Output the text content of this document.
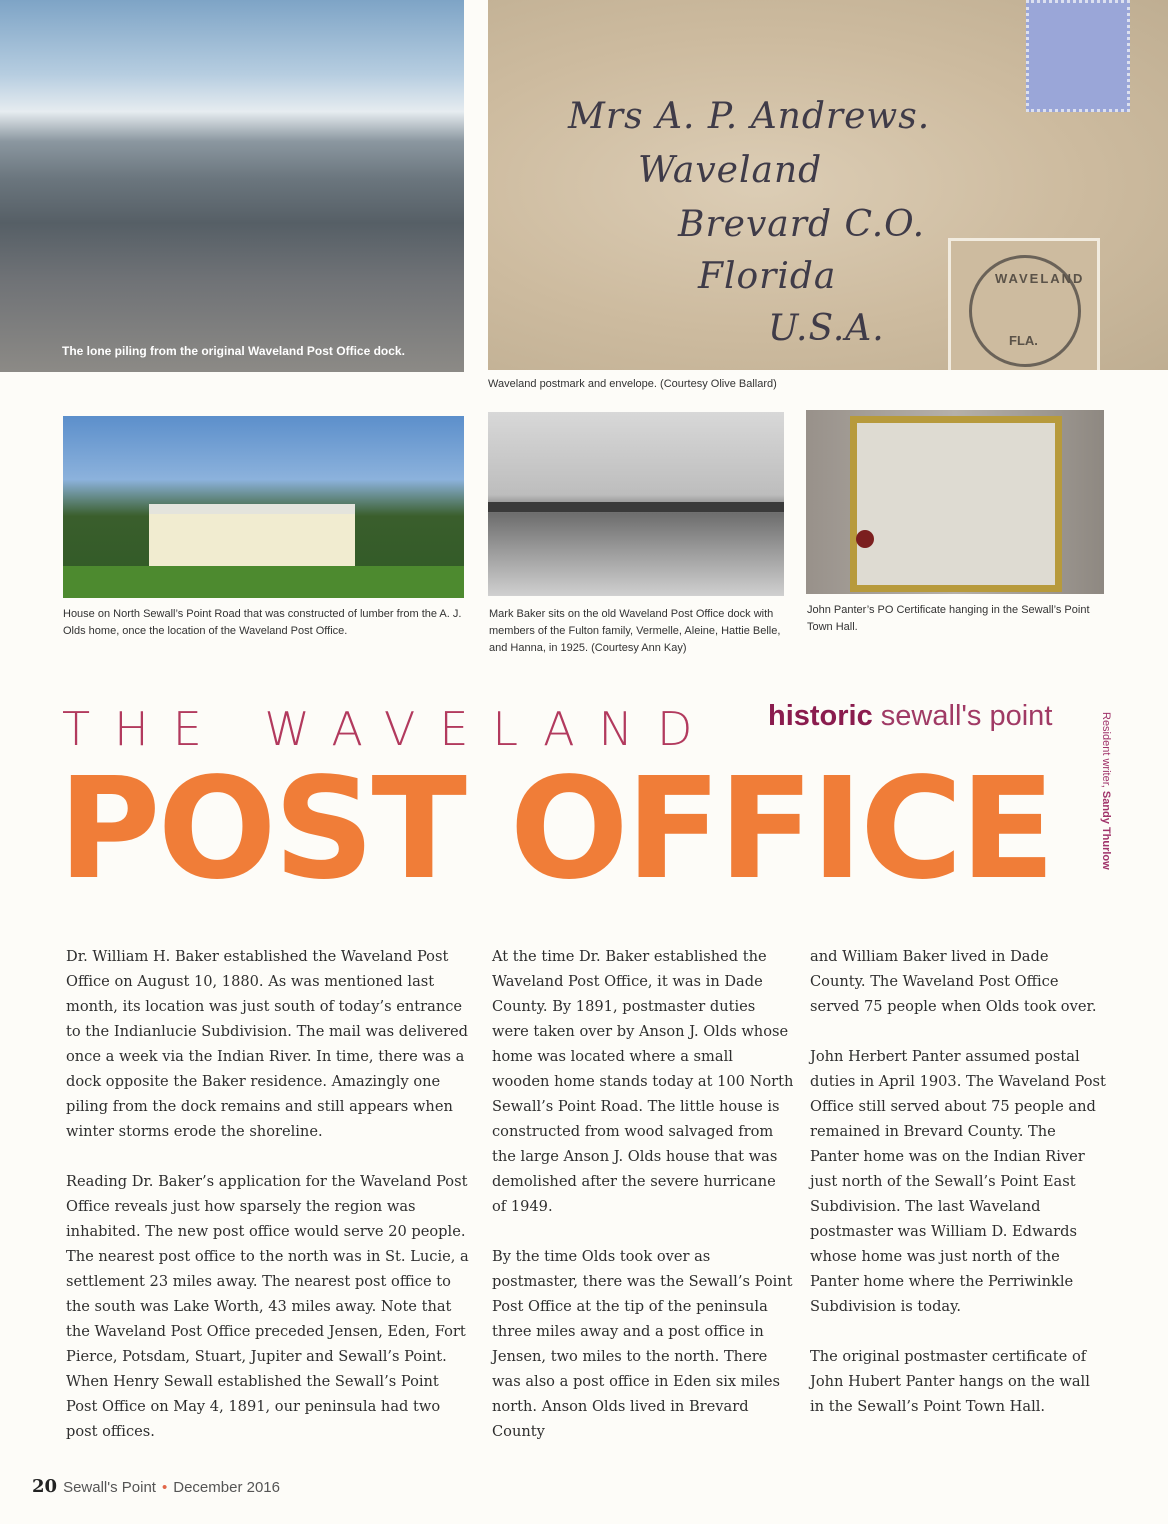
The lone piling from the original Waveland Post Office dock.
Mrs A. P. Andrews.
Waveland
Brevard C.O.
Florida
U.S.A.
WAVELAND
FLA.
Waveland postmark and envelope. (Courtesy Olive Ballard)
House on North Sewall’s Point Road that was constructed of lumber from the A. J. Olds home, once the location of the Waveland Post Office.
Mark Baker sits on the old Waveland Post Office dock with members of the Fulton family, Vermelle, Aleine, Hattie Belle, and Hanna, in 1925. (Courtesy Ann Kay)
John Panter’s PO Certificate hanging in the Sewall’s Point Town Hall.
THE WAVELAND historic sewall's point
POST OFFICE	Resident writer, Sandy Thurlow

Dr. William H. Baker established the Waveland Post Office on August 10, 1880. As was mentioned last month, its location was just south of today’s entrance to the Indianlucie Subdivision. The mail was delivered once a week via the Indian River. In time, there was a dock opposite the Baker residence. Amazingly one piling from the dock remains and still appears when winter storms erode the shoreline.

Reading Dr. Baker’s application for the Waveland Post Office reveals just how sparsely the region was inhabited. The new post office would serve 20 people. The nearest post office to the north was in St. Lucie, a settlement 23 miles away. The nearest post office to the south was Lake Worth, 43 miles away. Note that the Waveland Post Office preceded Jensen, Eden, Fort Pierce, Potsdam, Stuart, Jupiter and Sewall’s Point. When Henry Sewall established the Sewall’s Point Post Office on May 4, 1891, our peninsula had two post offices.

At the time Dr. Baker established the Waveland Post Office, it was in Dade County. By 1891, postmaster duties were taken over by Anson J. Olds whose home was located where a small wooden home stands today at 100 North Sewall’s Point Road. The little house is constructed from wood salvaged from the large Anson J. Olds house that was demolished after the severe hurricane of 1949.

By the time Olds took over as postmaster, there was the Sewall’s Point Post Office at the tip of the peninsula three miles away and a post office in Jensen, two miles to the north. There was also a post office in Eden six miles north. Anson Olds lived in Brevard County

and William Baker lived in Dade County. The Waveland Post Office served 75 people when Olds took over.

John Herbert Panter assumed postal duties in April 1903. The Waveland Post Office still served about 75 people and remained in Brevard County. The Panter home was on the Indian River just north of the Sewall’s Point East Subdivision. The last Waveland postmaster was William D. Edwards whose home was just north of the Panter home where the Perriwinkle Subdivision is today.

The original postmaster certificate of John Hubert Panter hangs on the wall in the Sewall’s Point Town Hall.

20 Sewall's Point • December 2016
